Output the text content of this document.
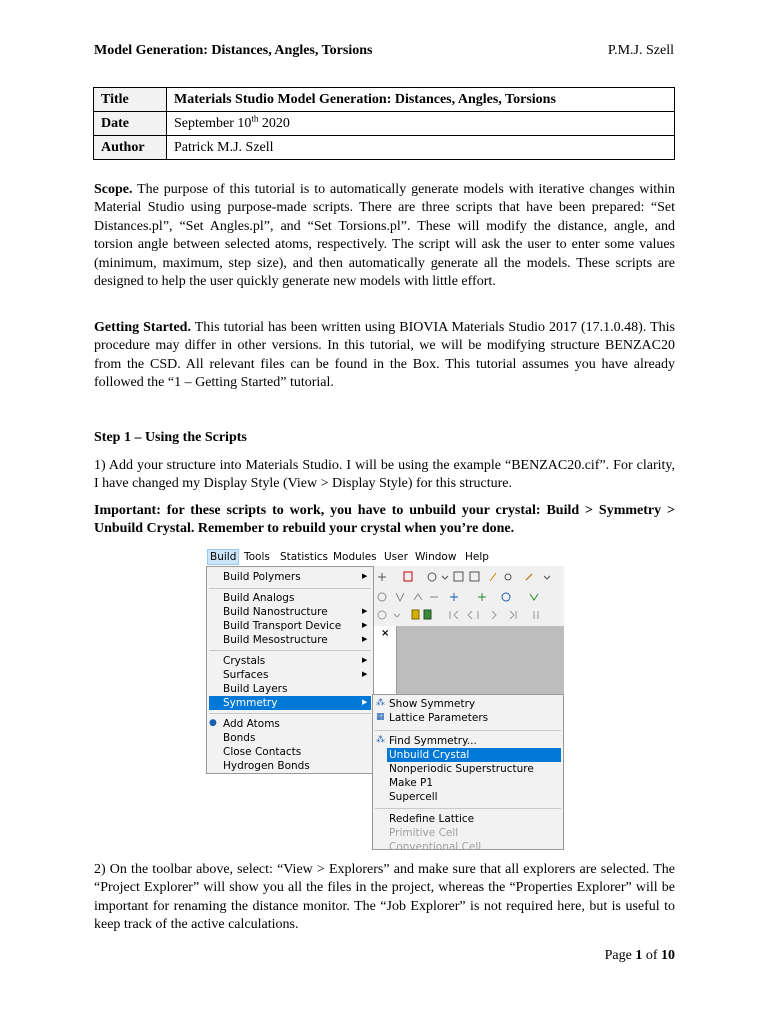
Model Generation: Distances, Angles, Torsions	P.M.J. Szell
Title	Materials Studio Model Generation: Distances, Angles, Torsions
Date	September 10th 2020
Author	Patrick M.J. Szell
Scope. The purpose of this tutorial is to automatically generate models with iterative changes within Material Studio using purpose-made scripts. There are three scripts that have been prepared: “Set Distances.pl”, “Set Angles.pl”, and “Set Torsions.pl”. These will modify the distance, angle, and torsion angle between selected atoms, respectively. The script will ask the user to enter some values (minimum, maximum, step size), and then automatically generate all the models. These scripts are designed to help the user quickly generate new models with little effort.
Getting Started. This tutorial has been written using BIOVIA Materials Studio 2017 (17.1.0.48). This procedure may differ in other versions. In this tutorial, we will be modifying structure BENZAC20 from the CSD. All relevant files can be found in the Box. This tutorial assumes you have already followed the “1 – Getting Started” tutorial.
Step 1 – Using the Scripts
1) Add your structure into Materials Studio. I will be using the example “BENZAC20.cif”. For clarity, I have changed my Display Style (View > Display Style) for this structure.
Important: for these scripts to work, you have to unbuild your crystal: Build > Symmetry > Unbuild Crystal. Remember to rebuild your crystal when you’re done.
Build Tools Statistics Modules User Window Help
×
Build Polymers	▶
Build Analogs
Build Nanostructure	▶
Build Transport Device	▶
Build Mesostructure	▶
Crystals	▶
Surfaces	▶
Build Layers
Symmetry	▶
● Add Atoms
Bonds
Close Contacts
Hydrogen Bonds
⁂ Show Symmetry
▦ Lattice Parameters
⁂ Find Symmetry...
Unbuild Crystal
Nonperiodic Superstructure
Make P1
Supercell
Redefine Lattice
Primitive Cell
Conventional Cell
2) On the toolbar above, select: “View > Explorers” and make sure that all explorers are selected. The “Project Explorer” will show you all the files in the project, whereas the “Properties Explorer” will be important for renaming the distance monitor. The “Job Explorer” is not required here, but is useful to keep track of the active calculations.
Page 1 of 10
